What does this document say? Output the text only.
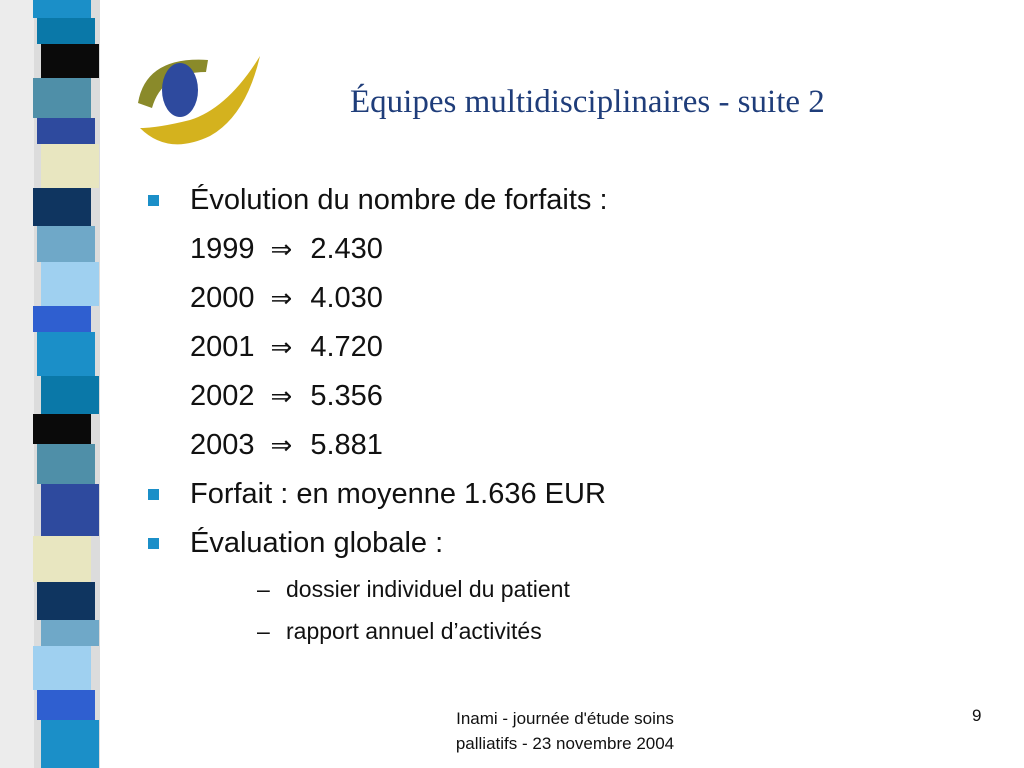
Équipes multidisciplinaires - suite 2
Évolution du nombre de forfaits :
1999 ⇒ 2.430
2000 ⇒ 4.030
2001 ⇒ 4.720
2002 ⇒ 5.356
2003 ⇒ 5.881
Forfait : en moyenne 1.636 EUR
Évaluation globale :
– dossier individuel du patient
– rapport annuel d’activités
Inami - journée d'étude soins
palliatifs - 23 novembre 2004
9
